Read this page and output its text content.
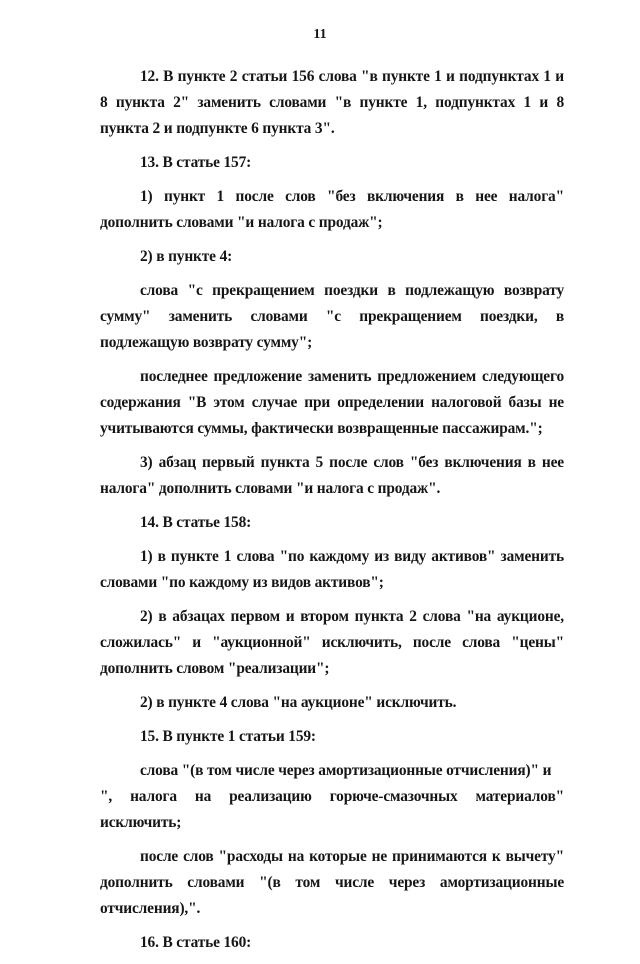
11

12. В пункте 2 статьи 156 слова "в пункте 1 и подпунктах 1 и 8 пункта 2" заменить словами "в пункте 1, подпунктах 1 и 8 пункта 2 и подпункте 6 пункта 3".

13. В статье 157:

1) пункт 1 после слов "без включения в нее налога" дополнить словами "и налога с продаж";

2) в пункте 4:

слова "с прекращением поездки в подлежащую возврату сумму" заменить словами "с прекращением поездки, в подлежащую возврату сумму";

последнее предложение заменить предложением следующего содержания "В этом случае при определении налоговой базы не учитываются суммы, фактически возвращенные пассажирам.";

3) абзац первый пункта 5 после слов "без включения в нее налога" дополнить словами "и налога с продаж".

14. В статье 158:

1) в пункте 1 слова "по каждому из виду активов" заменить словами "по каждому из видов активов";

2) в абзацах первом и втором пункта 2 слова "на аукционе, сложилась" и "аукционной" исключить, после слова "цены" дополнить словом "реализации";

2) в пункте 4 слова "на аукционе" исключить.

15. В пункте 1 статьи 159:

слова "(в том числе через амортизационные отчисления)" и

", налога на реализацию горюче-смазочных материалов" исключить;

после слов "расходы на которые не принимаются к вычету" дополнить словами "(в том числе через амортизационные отчисления),".

16. В статье 160:
